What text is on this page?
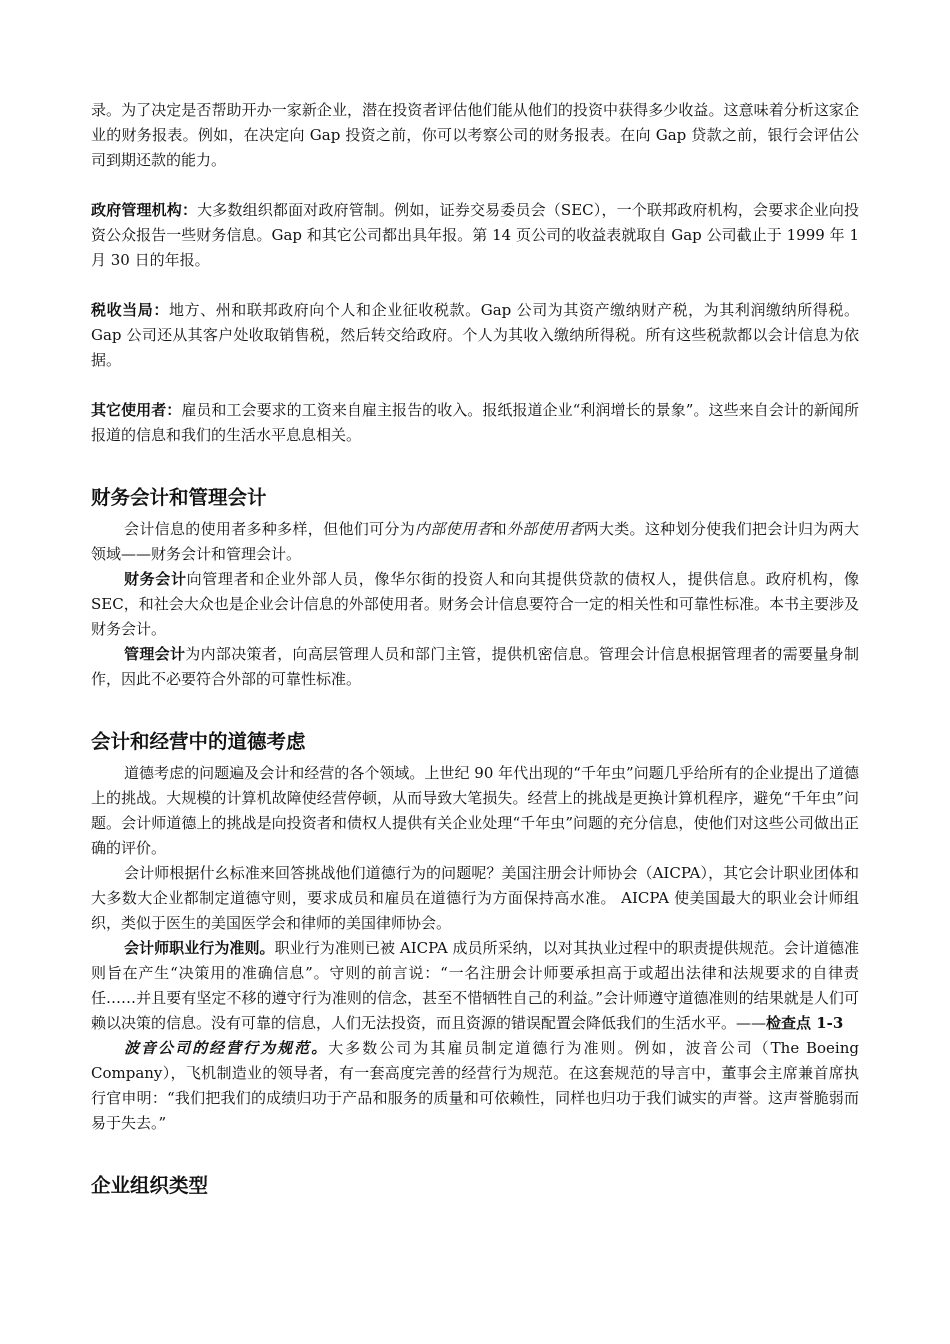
录。为了决定是否帮助开办一家新企业，潜在投资者评估他们能从他们的投资中获得多少收益。这意味着分析这家企业的财务报表。例如，在决定向 Gap 投资之前，你可以考察公司的财务报表。在向 Gap 贷款之前，银行会评估公司到期还款的能力。

政府管理机构：大多数组织都面对政府管制。例如，证券交易委员会（SEC），一个联邦政府机构，会要求企业向投资公众报告一些财务信息。Gap 和其它公司都出具年报。第 14 页公司的收益表就取自 Gap 公司截止于 1999 年 1 月 30 日的年报。

税收当局：地方、州和联邦政府向个人和企业征收税款。Gap 公司为其资产缴纳财产税，为其利润缴纳所得税。Gap 公司还从其客户处收取销售税，然后转交给政府。个人为其收入缴纳所得税。所有这些税款都以会计信息为依据。

其它使用者：雇员和工会要求的工资来自雇主报告的收入。报纸报道企业“利润增长的景象”。这些来自会计的新闻所报道的信息和我们的生活水平息息相关。

财务会计和管理会计

会计信息的使用者多种多样，但他们可分为内部使用者和外部使用者两大类。这种划分使我们把会计归为两大领域——财务会计和管理会计。

财务会计向管理者和企业外部人员，像华尔街的投资人和向其提供贷款的债权人，提供信息。政府机构，像 SEC，和社会大众也是企业会计信息的外部使用者。财务会计信息要符合一定的相关性和可靠性标准。本书主要涉及财务会计。

管理会计为内部决策者，向高层管理人员和部门主管，提供机密信息。管理会计信息根据管理者的需要量身制作，因此不必要符合外部的可靠性标准。

会计和经营中的道德考虑

道德考虑的问题遍及会计和经营的各个领域。上世纪 90 年代出现的“千年虫”问题几乎给所有的企业提出了道德上的挑战。大规模的计算机故障使经营停顿，从而导致大笔损失。经营上的挑战是更换计算机程序，避免“千年虫”问题。会计师道德上的挑战是向投资者和债权人提供有关企业处理“千年虫”问题的充分信息，使他们对这些公司做出正确的评价。

会计师根据什幺标准来回答挑战他们道德行为的问题呢？美国注册会计师协会（AICPA），其它会计职业团体和大多数大企业都制定道德守则，要求成员和雇员在道德行为方面保持高水准。 AICPA 使美国最大的职业会计师组织，类似于医生的美国医学会和律师的美国律师协会。

会计师职业行为准则。职业行为准则已被 AICPA 成员所采纳，以对其执业过程中的职责提供规范。会计道德准则旨在产生“决策用的准确信息”。守则的前言说：“一名注册会计师要承担高于或超出法律和法规要求的自律责任……并且要有坚定不移的遵守行为准则的信念，甚至不惜牺牲自己的利益。”会计师遵守道德准则的结果就是人们可赖以决策的信息。没有可靠的信息，人们无法投资，而且资源的错误配置会降低我们的生活水平。——检查点 1-3

波音公司的经营行为规范。大多数公司为其雇员制定道德行为准则。例如，波音公司（The Boeing Company），飞机制造业的领导者，有一套高度完善的经营行为规范。在这套规范的导言中，董事会主席兼首席执行官申明：“我们把我们的成绩归功于产品和服务的质量和可依赖性，同样也归功于我们诚实的声誉。这声誉脆弱而易于失去。”

企业组织类型
